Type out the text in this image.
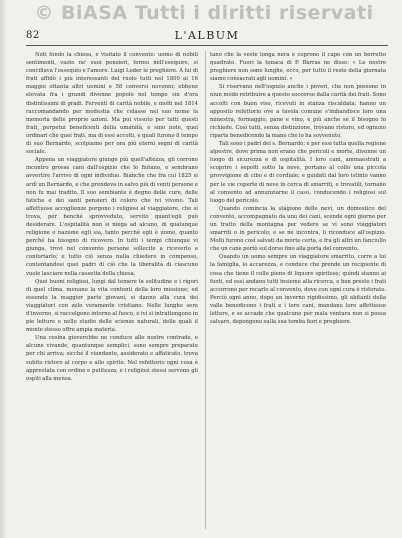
© BiASA Tutti i diritti riservati
82	L'ALBUM

Noti fondo la chiesa, e visitato il convento: uomo di nobili sentimenti, vasto ne' suoi pensieri, fermo nell'esequire, si conciliava l'ossequio e l'amore. Luigi Loder le preghiere. A lui di frati affidò i più interessanti del ruolo tutti nel 1800 al 16 maggio ottanta altri uomini e 58 conversi novenni; ebbene elevata fra i grandi divenne popolo nel tempo sin d'ora distintissimi di gradi. Ferventi di carità nobile, e molti nel 1814 raccomandando per modestia che celasse nel suo nome la memoria delle proprie azioni. Ma poi vissuto per tutti questi frati, perpetui beneficenti della umanità, e sino note, quei ordinari che quei frati, ma di essi accolti, e quali furono il tempo di suo Bernardo, scolpiamo per ora più eterni segni di carità sociale.

Appena un viaggiatore giunge più quell'altezza, gli corrono incontro grosse cani dall'ospizio che lo fiutano, e sembrano avvertire l'arrivo di ogni individuo. Bianche che fra cui 1825 si ardì un Bernardo, e che prendeva in salvo più di venti persone e non fu mai tradito. Il suo sembiante è degno delle cure, delle fatiche e dei santi pensieri di coloro che ivi vivono. Tali affettuose accoglienze porgono i religiosi al viaggiatore, che si trova, per benché sprovveduto, servito quant'egli può desiderare. L'ospitalità non si niega ad alcuno, di qualunque religione o nazione egli sia, tanto perché egli è uomo, quanto perché ha bisogno di ricovero. In tutti i tempi chiunque vi giunga, trovi nel convento persone sollecite a riceverlo e confortarlo; e tutto ciò senza nulla chiedere in compenso, contentandosi quei padri di ciò che la liberalità di ciascuno vuole lasciare nella cassetta della chiesa.

Quei buoni religiosi, lungi dal temere la solitudine e i rigori di quel clima, menano la vita contenti della loro missione; ed essendo la maggior parte giovani, si danno alla cura dei viaggiatori con zelo veramente cristiano. Nelle lunghe sere d'inverno, si raccolgono intorno al fuoco, e ivi si intrattengono in pie letture e nello studio delle scienze naturali, delle quali il monte stesso offre ampia materia.

Una cosina gioverebbe ne conduce alle nostre contrade, e alcune vivande, quantunque semplici, sono sempre preparate per chi arriva; sicché il viandante, assiderato e affaticato, trova subito ristoro al corpo e allo spirito. Nel refettorio ogni cosa è apprestata con ordine e pulitezza, e i religiosi stessi servono gli ospiti alla mensa.

tano che la veste longa nera e coprono il capo con un berretto quadrato. Fuori la tonaca di P. Barras ne disse: « Le nostre preghiere non sono lunghe, ecco, per tutto il resto della giornata siamo consacrati agli uomini. »

Si riservano nell'ospizio anche i poveri, che non possono in niun modo retribuire a questo soccorso dalla carità dei frati. Sono accolti con buon viso, ricevuti in stanza riscaldata; hanno un apposito refettorio ove a tavola comune s'imbandisce loro una minestra, formaggio, pane e vino, e più anche se il bisogno lo richiede. Così tutti, senza distinzione, trovano ristoro, ed ognuno riparte benedicendo la mano che lo ha sovvenuto.

Tali sono i padri del s. Bernardo; e per essi tutta quella regione alpestre, dove prima non erano che pericoli e morte, divenne un luogo di sicurezza e di ospitalità. I loro cani, ammaestrati a scoprire i sepolti sotto la neve, portano al collo una piccola provvigione di cibo e di cordiale; e guidati dal loro istinto vanno per le vie coperte di neve in cerca di smarriti, e trovatili, tornano al convento ad annunziarne il caso, conducendo i religiosi sul luogo del pericolo.

Quando comincia la stagione delle nevi, un domestico del convento, accompagnato da uno dei cani, scende ogni giorno per un tratto della montagna per vedere se vi sono viaggiatori smarriti o in pericolo; e se ne incontra, li riconduce all'ospizio. Molti furono così salvati da morte certa, e fra gli altri un fanciullo che un cane portò sul dorso fino alla porta del convento.

Quando un uomo sempre un viaggiatore smarrito, corre a lui la famiglia, lo accarezza, e conduce che prende un recipiente di cosa che tiene il collo pieno di liquore spiritoso; quindi stanno ai fuoti, ed essi andano tutti insieme alla ricerca, e ben presto i frati accorrono per recarlo al convento, dove con ogni cura è ristorato. Perciò ogni anno, dopo un inverno rigidissimo, gli abitanti della valle benedicono i frati e i loro cani, mandano loro affettuose lettere, e se accade che qualcuno per mala ventura non si possa salvare, depongono sulla sua tomba fiori e preghiere.
